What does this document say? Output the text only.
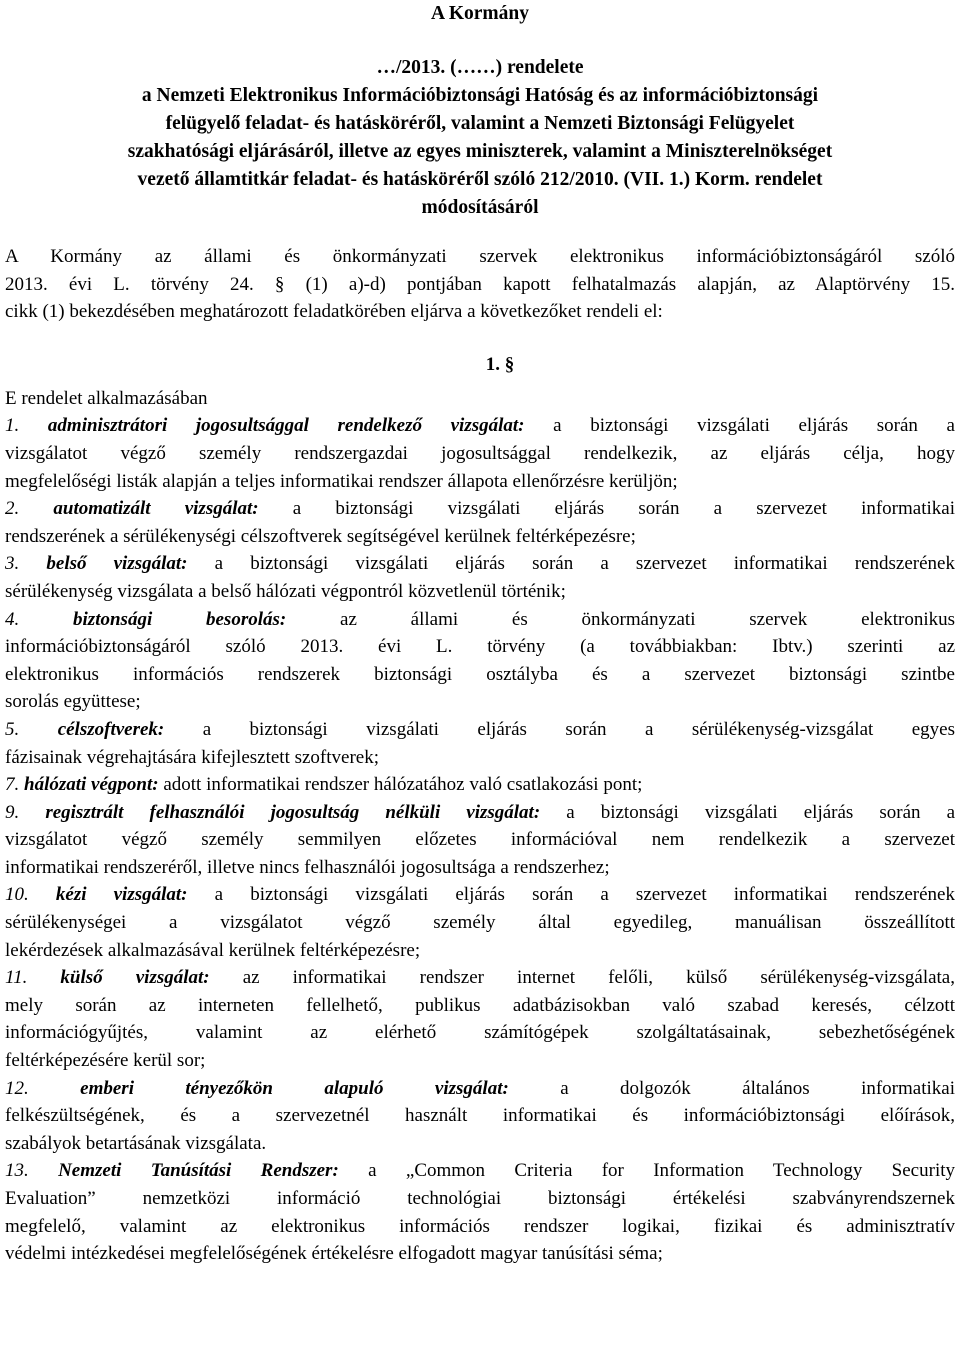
A Kormány
…/2013. (……) rendelete
a Nemzeti Elektronikus Információbiztonsági Hatóság és az információbiztonsági
felügyelő feladat- és hatásköréről, valamint a Nemzeti Biztonsági Felügyelet
szakhatósági eljárásáról, illetve az egyes miniszterek, valamint a Miniszterelnökséget
vezető államtitkár feladat- és hatásköréről szóló 212/2010. (VII. 1.) Korm. rendelet
módosításáról
A Kormány az állami és önkormányzati szervek elektronikus információbiztonságáról szóló
2013. évi L. törvény 24. § (1) a)-d) pontjában kapott felhatalmazás alapján, az Alaptörvény 15.
cikk (1) bekezdésében meghatározott feladatkörében eljárva a következőket rendeli el:
1. §
E rendelet alkalmazásában
1. adminisztrátori jogosultsággal rendelkező vizsgálat: a biztonsági vizsgálati eljárás során a
vizsgálatot végző személy rendszergazdai jogosultsággal rendelkezik, az eljárás célja, hogy
megfelelőségi listák alapján a teljes informatikai rendszer állapota ellenőrzésre kerüljön;
2. automatizált vizsgálat: a biztonsági vizsgálati eljárás során a szervezet informatikai
rendszerének a sérülékenységi célszoftverek segítségével kerülnek feltérképezésre;
3. belső vizsgálat: a biztonsági vizsgálati eljárás során a szervezet informatikai rendszerének
sérülékenység vizsgálata a belső hálózati végpontról közvetlenül történik;
4. biztonsági besorolás: az állami és önkormányzati szervek elektronikus
információbiztonságáról szóló 2013. évi L. törvény (a továbbiakban: Ibtv.) szerinti az
elektronikus információs rendszerek biztonsági osztályba és a szervezet biztonsági szintbe
sorolás együttese;
5. célszoftverek: a biztonsági vizsgálati eljárás során a sérülékenység-vizsgálat egyes
fázisainak végrehajtására kifejlesztett szoftverek;
7. hálózati végpont: adott informatikai rendszer hálózatához való csatlakozási pont;
9. regisztrált felhasználói jogosultság nélküli vizsgálat: a biztonsági vizsgálati eljárás során a
vizsgálatot végző személy semmilyen előzetes információval nem rendelkezik a szervezet
informatikai rendszeréről, illetve nincs felhasználói jogosultsága a rendszerhez;
10. kézi vizsgálat: a biztonsági vizsgálati eljárás során a szervezet informatikai rendszerének
sérülékenységei a vizsgálatot végző személy által egyedileg, manuálisan összeállított
lekérdezések alkalmazásával kerülnek feltérképezésre;
11. külső vizsgálat: az informatikai rendszer internet felőli, külső sérülékenység-vizsgálata,
mely során az interneten fellelhető, publikus adatbázisokban való szabad keresés, célzott
információgyűjtés, valamint az elérhető számítógépek szolgáltatásainak, sebezhetőségének
feltérképezésére kerül sor;
12. emberi tényezőkön alapuló vizsgálat: a dolgozók általános informatikai
felkészültségének, és a szervezetnél használt informatikai és információbiztonsági előírások,
szabályok betartásának vizsgálata.
13. Nemzeti Tanúsítási Rendszer: a „Common Criteria for Information Technology Security
Evaluation” nemzetközi információ technológiai biztonsági értékelési szabványrendszernek
megfelelő, valamint az elektronikus információs rendszer logikai, fizikai és adminisztratív
védelmi intézkedései megfelelőségének értékelésre elfogadott magyar tanúsítási séma;
